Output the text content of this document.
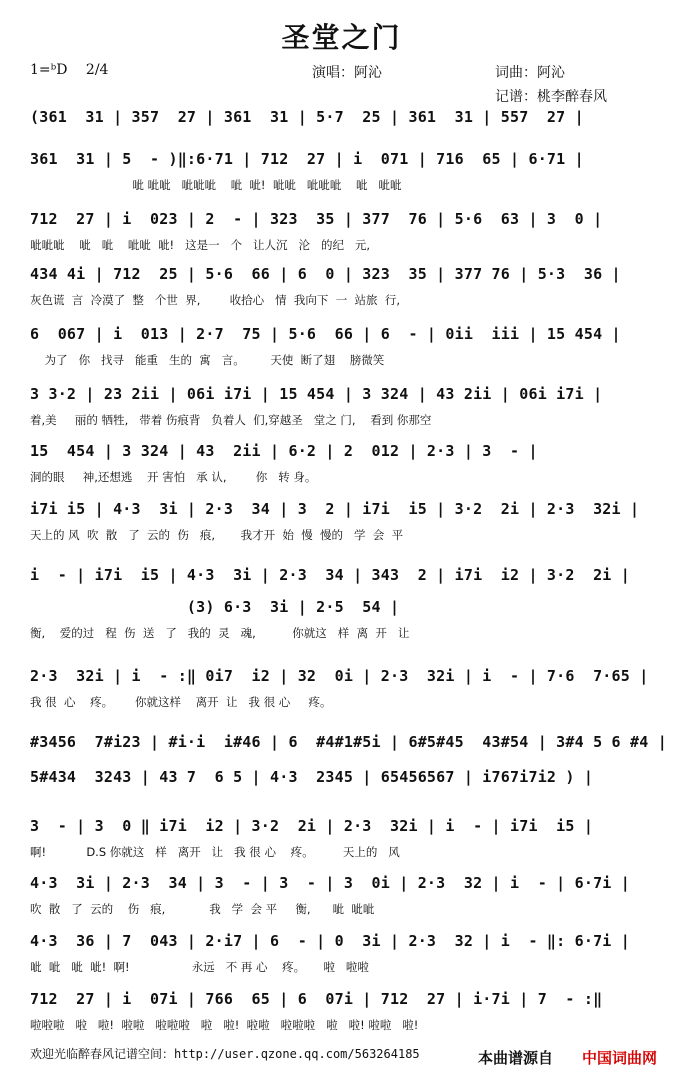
圣堂之门
1=ᵇD 2/4	演唱：阿沁	词曲：阿沁
记谱：桃李醉春风
(361  31 | 357  27 | 361  31 | 5·7  25 | 361  31 | 557  27 |
361  31 | 5  - )‖:6·71 | 712  27 | i  071 | 716  65 | 6·71 |
呲 呲呲   呲呲呲    呲  呲!  呲呲   呲呲呲    呲   呲呲
712  27 | i  023 | 2  - | 323  35 | 377  76 | 5·6  63 | 3  0 |
呲呲呲    呲   呲    呲呲  呲!   这是一   个   让人沉   沦   的纪   元,
434 4i | 712  25 | 5·6  66 | 6  0 | 323  35 | 377 76 | 5·3  36 |
灰色谎  言  冷漠了  整   个世  界,        收拾心   情  我向下  一  站旅  行,
6  067 | i  013 | 2·7  75 | 5·6  66 | 6  - | 0ii  iii | 15 454 |
为了   你   找寻   能重   生的  寓   言。       天使  断了翅    膀微笑
3 3·2 | 23 2ii | 06i i7i | 15 454 | 3 324 | 43 2ii | 06i i7i |
着,美     丽的 牺牲,   带着 伤痕背   负着人  们,穿越圣   堂之 门,    看到 你那空
15  454 | 3 324 | 43  2ii | 6·2 | 2  012 | 2·3 | 3  - |
洞的眼     神,还想逃    开 害怕   承 认,        你   转 身。
i7i i5 | 4·3  3i | 2·3  34 | 3  2 | i7i  i5 | 3·2  2i | 2·3  32i |
天上的 风  吹  散   了  云的  伤   痕,       我才开  始  慢  慢的   学  会  平
i  - | i7i  i5 | 4·3  3i | 2·3  34 | 343  2 | i7i  i2 | 3·2  2i |
(3) 6·3  3i | 2·5  54 |
衡,    爱的过   程  伤  送   了   我的  灵   魂,          你就这   样  离  开   让
2·3  32i | i  - :‖ 0i7  i2 | 32  0i | 2·3  32i | i  - | 7·6  7·65 |
我 很  心    疼。      你就这样    离开  让   我 很 心     疼。
#3456  7#i23 | #i·i  i#46 | 6  #4#1#5i | 6#5#45  43#54 | 3#4 5 6 #4 |
5#434  3243 | 43 7  6 5 | 4·3  2345 | 65456567 | i767i7i2 ) |
3  - | 3  0 ‖ i7i  i2 | 3·2  2i | 2·3  32i | i  - | i7i  i5 |
啊!           D.S 你就这   样   离开   让   我 很 心    疼。        天上的   风
4·3  3i | 2·3  34 | 3  - | 3  - | 3  0i | 2·3  32 | i  - | 6·7i |
吹  散   了  云的    伤   痕,            我   学  会 平     衡,      呲  呲呲
4·3  36 | 7  043 | 2·i7 | 6  - | 0  3i | 2·3  32 | i  - ‖: 6·7i |
呲  呲   呲  呲!  啊!                 永远   不 再 心    疼。     啦   啦啦
712  27 | i  07i | 766  65 | 6  07i | 712  27 | i·7i | 7  - :‖
啦啦啦   啦   啦!  啦啦   啦啦啦   啦   啦!  啦啦   啦啦啦   啦   啦! 啦啦   啦!
欢迎光临醉春风记谱空间：http://user.qzone.qq.com/563264185	本曲谱源自 中国词曲网
